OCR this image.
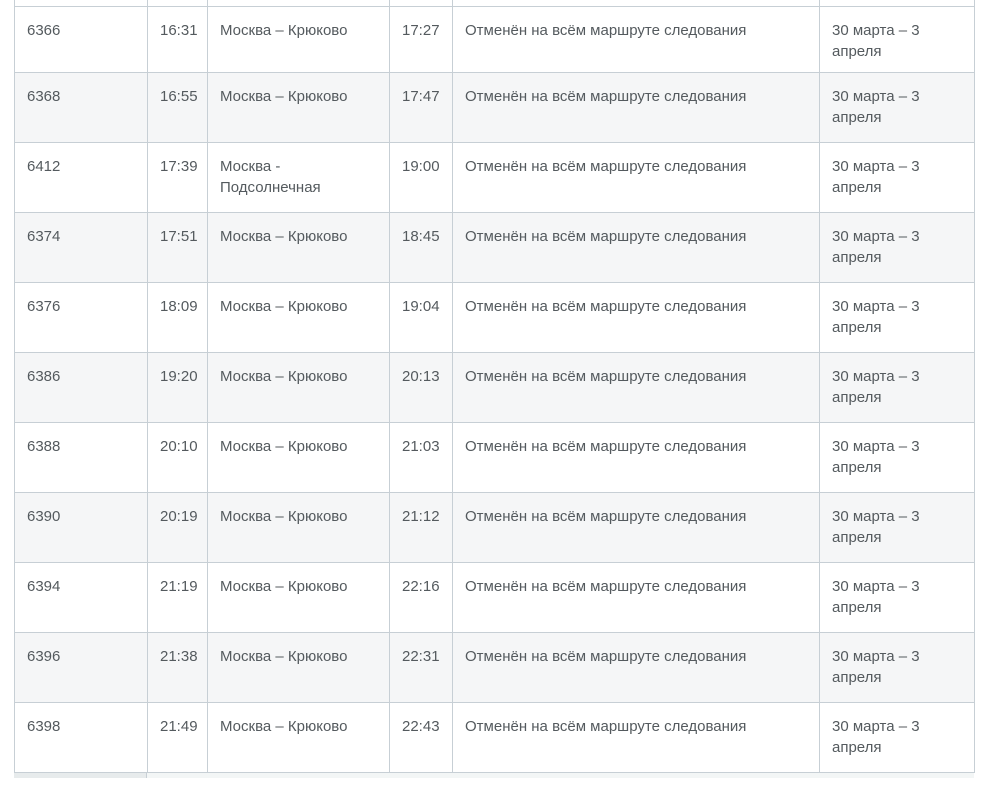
6366	16:31	Москва – Крюково	17:27	Отменён на всём маршруте следования	30 марта – 3 апреля
6368	16:55	Москва – Крюково	17:47	Отменён на всём маршруте следования	30 марта – 3 апреля
6412	17:39	Москва - Подсолнечная	19:00	Отменён на всём маршруте следования	30 марта – 3 апреля
6374	17:51	Москва – Крюково	18:45	Отменён на всём маршруте следования	30 марта – 3 апреля
6376	18:09	Москва – Крюково	19:04	Отменён на всём маршруте следования	30 марта – 3 апреля
6386	19:20	Москва – Крюково	20:13	Отменён на всём маршруте следования	30 марта – 3 апреля
6388	20:10	Москва – Крюково	21:03	Отменён на всём маршруте следования	30 марта – 3 апреля
6390	20:19	Москва – Крюково	21:12	Отменён на всём маршруте следования	30 марта – 3 апреля
6394	21:19	Москва – Крюково	22:16	Отменён на всём маршруте следования	30 марта – 3 апреля
6396	21:38	Москва – Крюково	22:31	Отменён на всём маршруте следования	30 марта – 3 апреля
6398	21:49	Москва – Крюково	22:43	Отменён на всём маршруте следования	30 марта – 3 апреля
